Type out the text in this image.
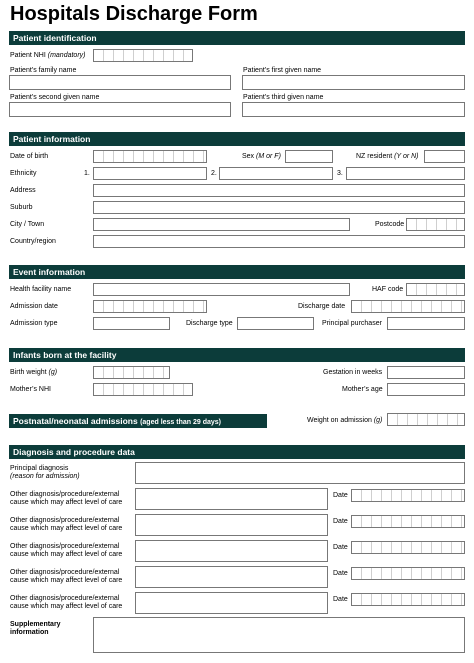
Hospitals Discharge Form
Patient identification
Patient NHI (mandatory)
Patient’s family name	Patient’s first given name
Patient’s second given name	Patient’s third given name
Patient information
Date of birth	Sex (M or F)	NZ resident (Y or N)
Ethnicity	1.	2.	3.
Address
Suburb
City / Town	Postcode
Country/region
Event information
Health facility name	HAF code
Admission date	Discharge date
Admission type	Discharge type	Principal purchaser
Infants born at the facility
Birth weight (g)	Gestation in weeks
Mother’s NHI	Mother’s age
Postnatal/neonatal admissions (aged less than 29 days)	Weight on admission (g)
Diagnosis and procedure data
Principal diagnosis
(reason for admission)
Other diagnosis/procedure/external
cause which may affect level of care
Date
Other diagnosis/procedure/external
cause which may affect level of care
Date
Other diagnosis/procedure/external
cause which may affect level of care
Date
Other diagnosis/procedure/external
cause which may affect level of care
Date
Other diagnosis/procedure/external
cause which may affect level of care
Date
Supplementary
information
